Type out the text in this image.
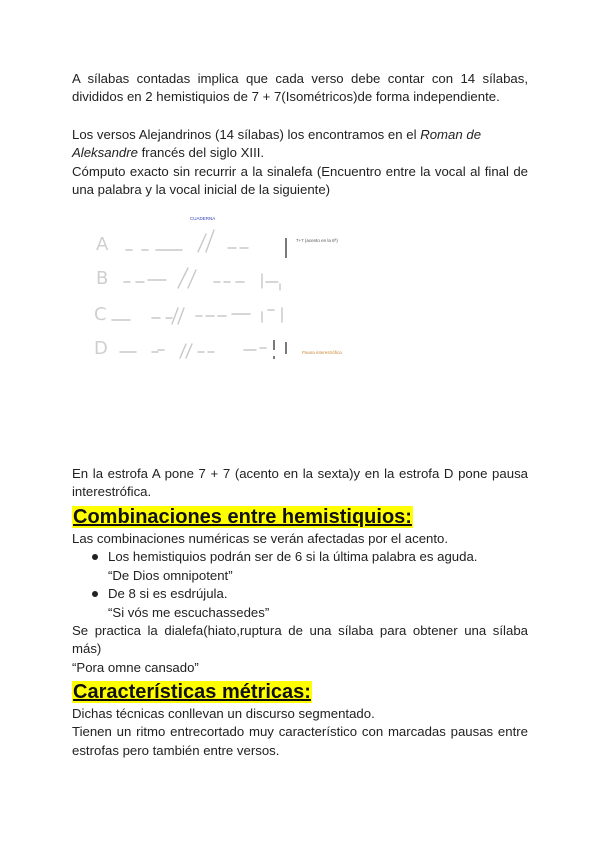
A sílabas contadas implica que cada verso debe contar con 14 sílabas, divididos en 2 hemistiquios de 7 + 7(Isométricos)de forma independiente.
Los versos Alejandrinos (14 sílabas) los encontramos en el Roman de
Aleksandre francés del siglo XIII.
Cómputo exacto sin recurrir a la sinalefa (Encuentro entre la vocal al final de una palabra y la vocal inicial de la siguiente)
CUADERNA
A	7+7 (acento en la 6ª)
B
C
D	Pausa interestrófica
En la estrofa A pone 7 + 7 (acento en la sexta)y en la estrofa D pone pausa interestrófica.
Combinaciones entre hemistiquios:
Las combinaciones numéricas se verán afectadas por el acento.
Los hemistiquios podrán ser de 6 si la última palabra es aguda.
“De Dios omnipotent”
De 8 si es esdrújula.
“Si vós me escuchassedes”
Se practica la dialefa(hiato,ruptura de una sílaba para obtener una sílaba más)
“Pora omne cansado”
Características métricas:
Dichas técnicas conllevan un discurso segmentado.
Tienen un ritmo entrecortado muy característico con marcadas pausas entre estrofas pero también entre versos.
